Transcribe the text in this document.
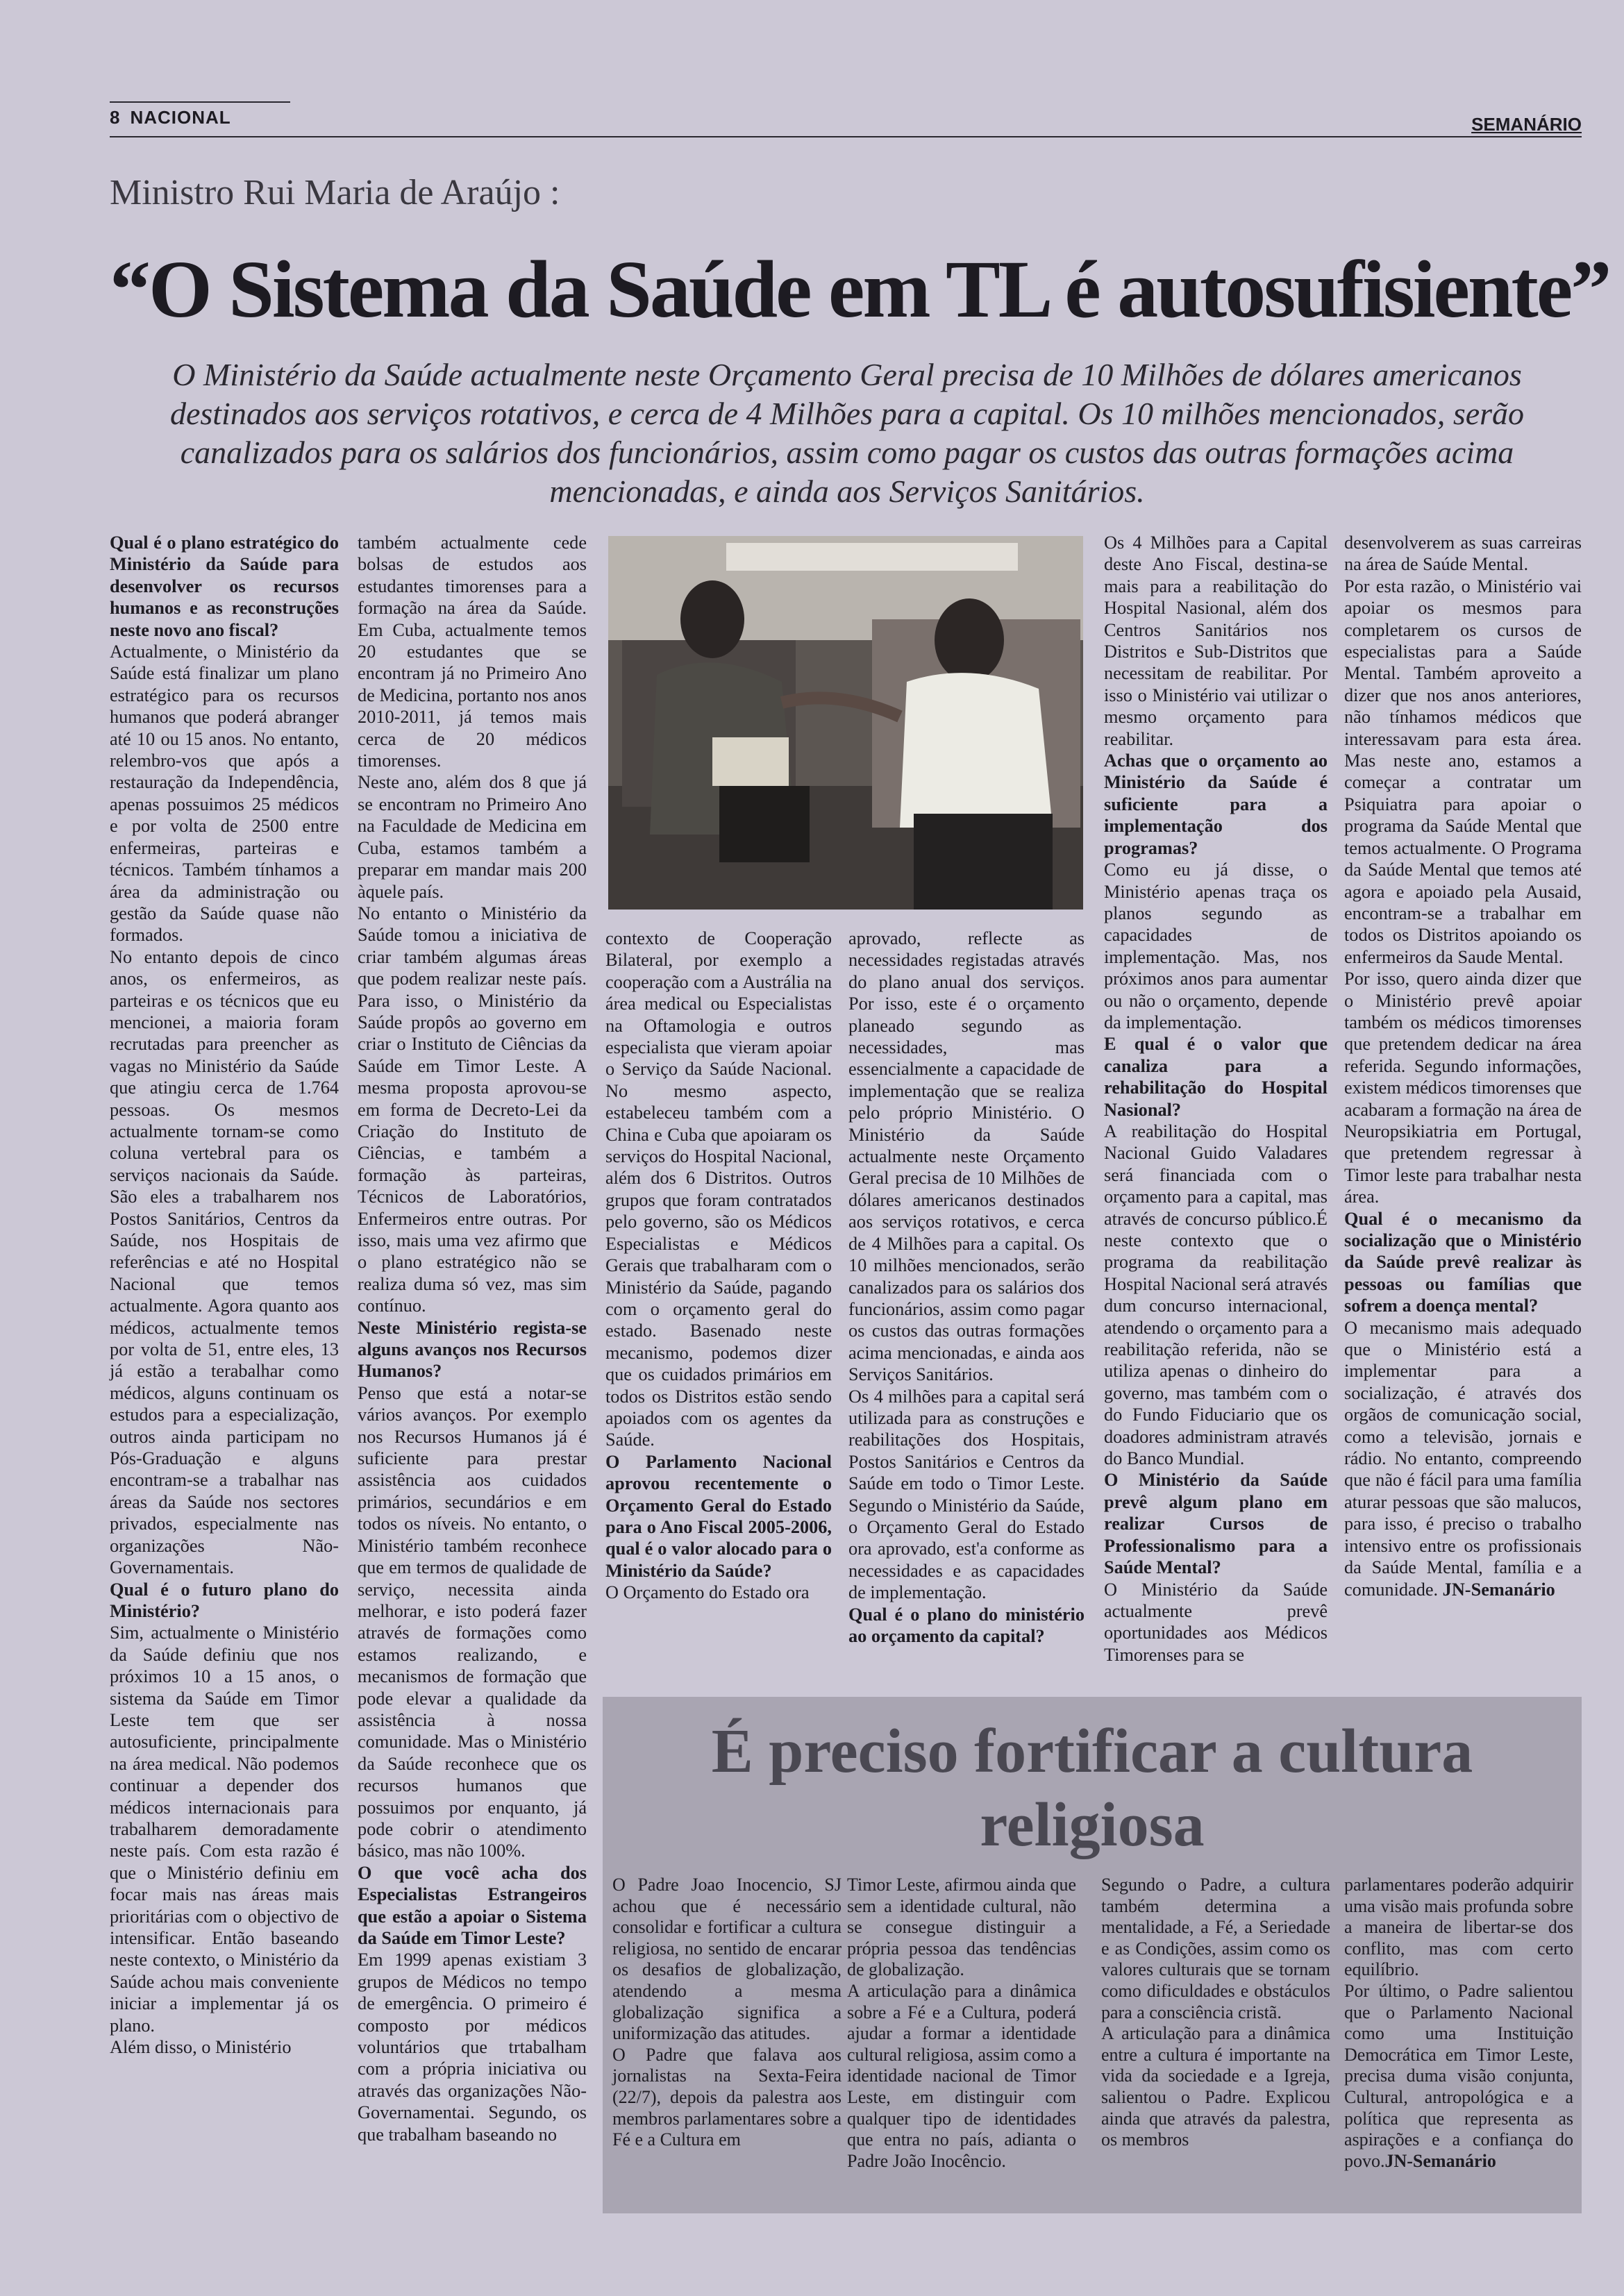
8 NACIONAL	SEMANÁRIO
Ministro Rui Maria de Araújo :
“O Sistema da Saúde em TL é autosufisiente”
O Ministério da Saúde actualmente neste Orçamento Geral precisa de 10 Milhões de dólares americanos destinados aos serviços rotativos, e cerca de 4 Milhões para a capital. Os 10 milhões mencionados, serão canalizados para os salários dos funcionários, assim como pagar os custos das outras formações acima mencionadas, e ainda aos Serviços Sanitários.

Qual é o plano estratégico do Ministério da Saúde para desenvolver os recursos humanos e as reconstruções neste novo ano fiscal?

Actualmente, o Ministério da Saúde está finalizar um plano estratégico para os recursos humanos que poderá abranger até 10 ou 15 anos. No entanto, relembro-vos que após a restauração da Independência, apenas possuimos 25 médicos e por volta de 2500 entre enfermeiras, parteiras e técnicos. Também tínhamos a área da administração ou gestão da Saúde quase não formados.

No entanto depois de cinco anos, os enfermeiros, as parteiras e os técnicos que eu mencionei, a maioria foram recrutadas para preencher as vagas no Ministério da Saúde que atingiu cerca de 1.764 pessoas. Os mesmos actualmente tornam-se como coluna vertebral para os serviços nacionais da Saúde. São eles a trabalharem nos Postos Sanitários, Centros da Saúde, nos Hospitais de referências e até no Hospital Nacional que temos actualmente. Agora quanto aos médicos, actualmente temos por volta de 51, entre eles, 13 já estão a terabalhar como médicos, alguns continuam os estudos para a especialização, outros ainda participam no Pós-Graduação e alguns encontram-se a trabalhar nas áreas da Saúde nos sectores privados, especialmente nas organizações Não-Governamentais.

Qual é o futuro plano do Ministério?

Sim, actualmente o Ministério da Saúde definiu que nos próximos 10 a 15 anos, o sistema da Saúde em Timor Leste tem que ser autosuficiente, principalmente na área medical. Não podemos continuar a depender dos médicos internacionais para trabalharem demoradamente neste país. Com esta razão é que o Ministério definiu em focar mais nas áreas mais prioritárias com o objectivo de intensificar. Então baseando neste contexto, o Ministério da Saúde achou mais conveniente iniciar a implementar já os plano.

Além disso, o Ministério

também actualmente cede bolsas de estudos aos estudantes timorenses para a formação na área da Saúde. Em Cuba, actualmente temos 20 estudantes que se encontram já no Primeiro Ano de Medicina, portanto nos anos 2010-2011, já temos mais cerca de 20 médicos timorenses.

Neste ano, além dos 8 que já se encontram no Primeiro Ano na Faculdade de Medicina em Cuba, estamos também a preparar em mandar mais 200 àquele país.

No entanto o Ministério da Saúde tomou a iniciativa de criar também algumas áreas que podem realizar neste país. Para isso, o Ministério da Saúde propôs ao governo em criar o Instituto de Ciências da Saúde em Timor Leste. A mesma proposta aprovou-se em forma de Decreto-Lei da Criação do Instituto de Ciências, e também a formação às parteiras, Técnicos de Laboratórios, Enfermeiros entre outras. Por isso, mais uma vez afirmo que o plano estratégico não se realiza duma só vez, mas sim contínuo.

Neste Ministério regista-se alguns avanços nos Recursos Humanos?

Penso que está a notar-se vários avanços. Por exemplo nos Recursos Humanos já é suficiente para prestar assistência aos cuidados primários, secundários e em todos os níveis. No entanto, o Ministério também reconhece que em termos de qualidade de serviço, necessita ainda melhorar, e isto poderá fazer através de formações como estamos realizando, e mecanismos de formação que pode elevar a qualidade da assistência à nossa comunidade. Mas o Ministério da Saúde reconhece que os recursos humanos que possuimos por enquanto, já pode cobrir o atendimento básico, mas não 100%.

O que você acha dos Especialistas Estrangeiros que estão a apoiar o Sistema da Saúde em Timor Leste?

Em 1999 apenas existiam 3 grupos de Médicos no tempo de emergência. O primeiro é composto por médicos voluntários que trtabalham com a própria iniciativa ou através das organizações Não-Governamentai. Segundo, os que trabalham baseando no

contexto de Cooperação Bilateral, por exemplo a cooperação com a Austrália na área medical ou Especialistas na Oftamologia e outros especialista que vieram apoiar o Serviço da Saúde Nacional. No mesmo aspecto, estabeleceu também com a China e Cuba que apoiaram os serviços do Hospital Nacional, além dos 6 Distritos. Outros grupos que foram contratados pelo governo, são os Médicos Especialistas e Médicos Gerais que trabalharam com o Ministério da Saúde, pagando com o orçamento geral do estado. Basenado neste mecanismo, podemos dizer que os cuidados primários em todos os Distritos estão sendo apoiados com os agentes da Saúde.

O Parlamento Nacional aprovou recentemente o Orçamento Geral do Estado para o Ano Fiscal 2005-2006, qual é o valor alocado para o Ministério da Saúde?

O Orçamento do Estado ora

aprovado, reflecte as necessidades registadas através do plano anual dos serviços. Por isso, este é o orçamento planeado segundo as necessidades, mas essencialmente a capacidade de implementação que se realiza pelo próprio Ministério. O Ministério da Saúde actualmente neste Orçamento Geral precisa de 10 Milhões de dólares americanos destinados aos serviços rotativos, e cerca de 4 Milhões para a capital. Os 10 milhões mencionados, serão canalizados para os salários dos funcionários, assim como pagar os custos das outras formações acima mencionadas, e ainda aos Serviços Sanitários.

Os 4 milhões para a capital será utilizada para as construções e reabilitações dos Hospitais, Postos Sanitários e Centros da Saúde em todo o Timor Leste. Segundo o Ministério da Saúde, o Orçamento Geral do Estado ora aprovado, est'a conforme as necessidades e as capacidades de implementação.

Qual é o plano do ministério ao orçamento da capital?

Os 4 Milhões para a Capital deste Ano Fiscal, destina-se mais para a reabilitação do Hospital Nasional, além dos Centros Sanitários nos Distritos e Sub-Distritos que necessitam de reabilitar. Por isso o Ministério vai utilizar o mesmo orçamento para reabilitar.

Achas que o orçamento ao Ministério da Saúde é suficiente para a implementação dos programas?

Como eu já disse, o Ministério apenas traça os planos segundo as capacidades de implementação. Mas, nos próximos anos para aumentar ou não o orçamento, depende da implementação.

E qual é o valor que canaliza para a rehabilitação do Hospital Nasional?

A reabilitação do Hospital Nacional Guido Valadares será financiada com o orçamento para a capital, mas através de concurso público.É neste contexto que o programa da reabilitação Hospital Nacional será através dum concurso internacional, atendendo o orçamento para a reabilitação referida, não se utiliza apenas o dinheiro do governo, mas também com o do Fundo Fiduciario que os doadores administram através do Banco Mundial.

O Ministério da Saúde prevê algum plano em realizar Cursos de Professionalismo para a Saúde Mental?

O Ministério da Saúde actualmente prevê oportunidades aos Médicos Timorenses para se

desenvolverem as suas carreiras na área de Saúde Mental.

Por esta razão, o Ministério vai apoiar os mesmos para completarem os cursos de especialistas para a Saúde Mental. Também aproveito a dizer que nos anos anteriores, não tínhamos médicos que interessavam para esta área. Mas neste ano, estamos a começar a contratar um Psiquiatra para apoiar o programa da Saúde Mental que temos actualmente. O Programa da Saúde Mental que temos até agora e apoiado pela Ausaid, encontram-se a trabalhar em todos os Distritos apoiando os enfermeiros da Saude Mental.

Por isso, quero ainda dizer que o Ministério prevê apoiar também os médicos timorenses que pretendem dedicar na área referida. Segundo informações, existem médicos timorenses que acabaram a formação na área de Neuropsikiatria em Portugal, que pretendem regressar à Timor leste para trabalhar nesta área.

Qual é o mecanismo da socialização que o Ministério da Saúde prevê realizar às pessoas ou famílias que sofrem a doença mental?

O mecanismo mais adequado que o Ministério está a implementar para a socialização, é através dos orgãos de comunicação social, como a televisão, jornais e rádio. No entanto, compreendo que não é fácil para uma família aturar pessoas que são malucos, para isso, é preciso o trabalho intensivo entre os profissionais da Saúde Mental, família e a comunidade. JN-Semanário

É preciso fortificar a cultura religiosa

O Padre Joao Inocencio, SJ achou que é necessário consolidar e fortificar a cultura religiosa, no sentido de encarar os desafios de globalização, atendendo a mesma globalização significa a uniformização das atitudes.

O Padre que falava aos jornalistas na Sexta-Feira (22/7), depois da palestra aos membros parlamentares sobre a Fé e a Cultura em

Timor Leste, afirmou ainda que sem a identidade cultural, não se consegue distinguir a própria pessoa das tendências de globalização.

A articulação para a dinâmica sobre a Fé e a Cultura, poderá ajudar a formar a identidade cultural religiosa, assim como a identidade nacional de Timor Leste, em distinguir com qualquer tipo de identidades que entra no país, adianta o Padre João Inocêncio.

Segundo o Padre, a cultura também determina a mentalidade, a Fé, a Seriedade e as Condições, assim como os valores culturais que se tornam como dificuldades e obstáculos para a consciência cristã.

A articulação para a dinâmica entre a cultura é importante na vida da sociedade e a Igreja, salientou o Padre. Explicou ainda que através da palestra, os membros

parlamentares poderão adquirir uma visão mais profunda sobre a maneira de libertar-se dos conflito, mas com certo equilíbrio.

Por último, o Padre salientou que o Parlamento Nacional como uma Instituição Democrática em Timor Leste, precisa duma visão conjunta, Cultural, antropológica e a política que representa as aspirações e a confiança do povo.JN-Semanário
